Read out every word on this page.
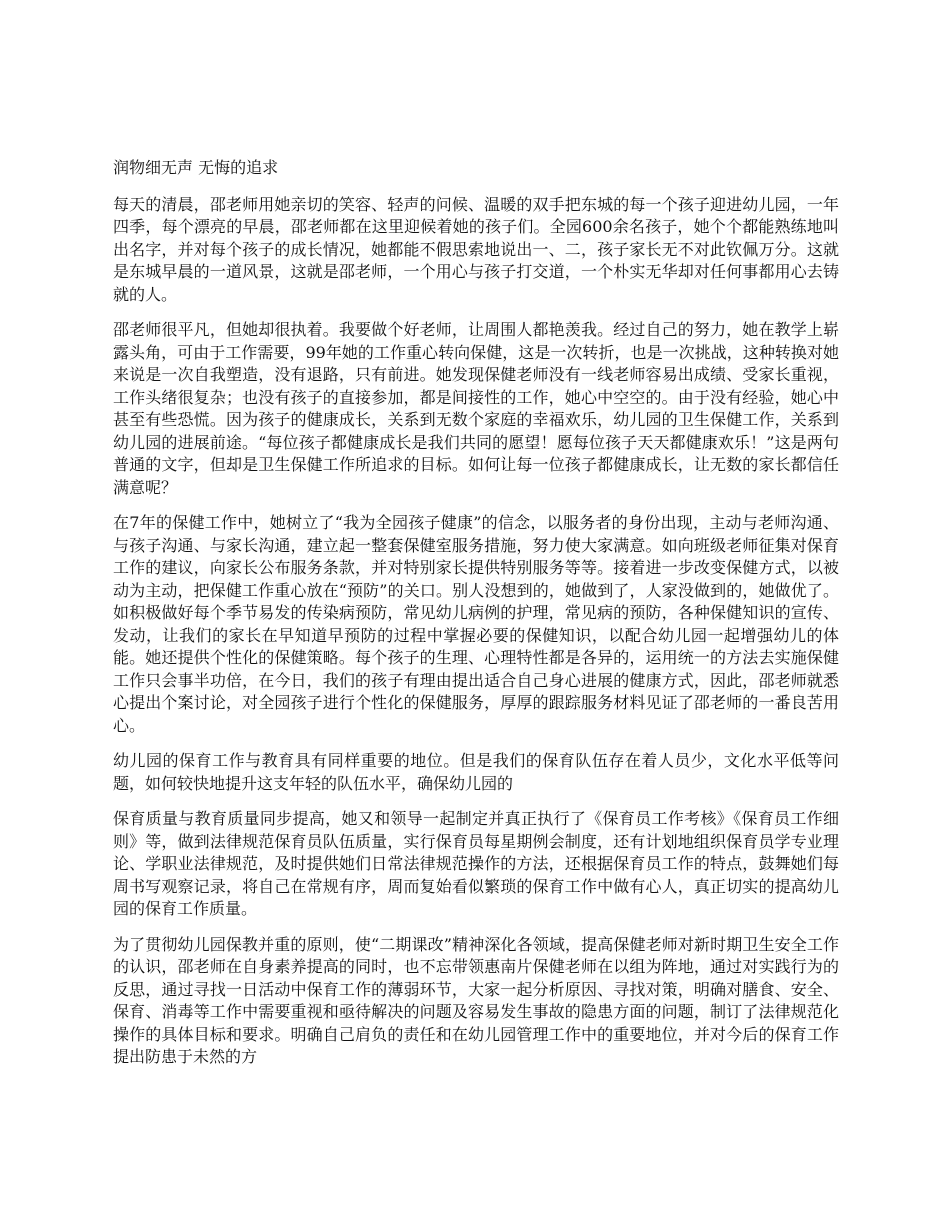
润物细无声 无悔的追求

每天的清晨，邵老师用她亲切的笑容、轻声的问候、温暖的双手把东城的每一个孩子迎进幼儿园，一年四季，每个漂亮的早晨，邵老师都在这里迎候着她的孩子们。全园600余名孩子，她个个都能熟练地叫出名字，并对每个孩子的成长情况，她都能不假思索地说出一、二，孩子家长无不对此钦佩万分。这就是东城早晨的一道风景，这就是邵老师，一个用心与孩子打交道，一个朴实无华却对任何事都用心去铸就的人。

邵老师很平凡，但她却很执着。我要做个好老师，让周围人都艳羡我。经过自己的努力，她在教学上崭露头角，可由于工作需要，99年她的工作重心转向保健，这是一次转折，也是一次挑战，这种转换对她来说是一次自我塑造，没有退路，只有前进。她发现保健老师没有一线老师容易出成绩、受家长重视，工作头绪很复杂；也没有孩子的直接参加，都是间接性的工作，她心中空空的。由于没有经验，她心中甚至有些恐慌。因为孩子的健康成长，关系到无数个家庭的幸福欢乐，幼儿园的卫生保健工作，关系到幼儿园的进展前途。“每位孩子都健康成长是我们共同的愿望！愿每位孩子天天都健康欢乐！”这是两句普通的文字，但却是卫生保健工作所追求的目标。如何让每一位孩子都健康成长，让无数的家长都信任满意呢？

在7年的保健工作中，她树立了“我为全园孩子健康”的信念，以服务者的身份出现，主动与老师沟通、与孩子沟通、与家长沟通，建立起一整套保健室服务措施，努力使大家满意。如向班级老师征集对保育工作的建议，向家长公布服务条款，并对特别家长提供特别服务等等。接着进一步改变保健方式，以被动为主动，把保健工作重心放在“预防”的关口。别人没想到的，她做到了，人家没做到的，她做优了。如积极做好每个季节易发的传染病预防，常见幼儿病例的护理，常见病的预防，各种保健知识的宣传、发动，让我们的家长在早知道早预防的过程中掌握必要的保健知识，以配合幼儿园一起增强幼儿的体能。她还提供个性化的保健策略。每个孩子的生理、心理特性都是各异的，运用统一的方法去实施保健工作只会事半功倍，在今日，我们的孩子有理由提出适合自己身心进展的健康方式，因此，邵老师就悉心提出个案讨论，对全园孩子进行个性化的保健服务，厚厚的跟踪服务材料见证了邵老师的一番良苦用心。

幼儿园的保育工作与教育具有同样重要的地位。但是我们的保育队伍存在着人员少，文化水平低等问题，如何较快地提升这支年轻的队伍水平，确保幼儿园的

保育质量与教育质量同步提高，她又和领导一起制定并真正执行了《保育员工作考核》《保育员工作细则》等，做到法律规范保育员队伍质量，实行保育员每星期例会制度，还有计划地组织保育员学专业理论、学职业法律规范，及时提供她们日常法律规范操作的方法，还根据保育员工作的特点，鼓舞她们每周书写观察记录，将自己在常规有序，周而复始看似繁琐的保育工作中做有心人，真正切实的提高幼儿园的保育工作质量。

为了贯彻幼儿园保教并重的原则，使“二期课改”精神深化各领域，提高保健老师对新时期卫生安全工作的认识，邵老师在自身素养提高的同时，也不忘带领惠南片保健老师在以组为阵地，通过对实践行为的反思，通过寻找一日活动中保育工作的薄弱环节，大家一起分析原因、寻找对策，明确对膳食、安全、保育、消毒等工作中需要重视和亟待解决的问题及容易发生事故的隐患方面的问题，制订了法律规范化操作的具体目标和要求。明确自己肩负的责任和在幼儿园管理工作中的重要地位，并对今后的保育工作提出防患于未然的方
